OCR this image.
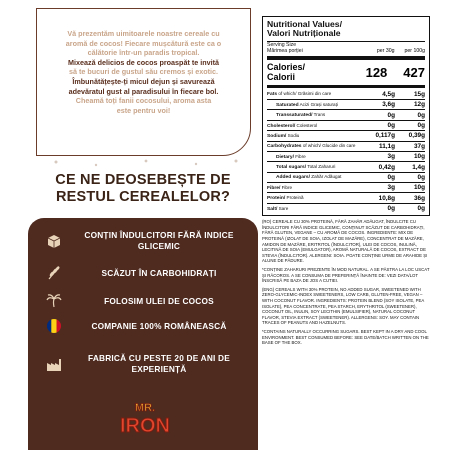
Vă prezentăm uimitoarele noastre cereale cu
aromă de cocos! Fiecare mușcătură este ca o
călătorie într-un paradis tropical.
Mixează delicios de cocos proaspăt te invită
să te bucuri de gustul său cremos și exotic.
Îmbunătățește-ți micul dejun și savurează
adevăratul gust al paradisului în fiecare bol.
Cheamă toți fanii cocosului, aroma asta
este pentru voi!
CE NE DEOSEBEȘTE DE RESTUL CEREALELOR?
CONȚIN ÎNDULCITORI FĂRĂ INDICE GLICEMIC
SCĂZUT ÎN CARBOHIDRAȚI
FOLOSIM ULEI DE COCOS
COMPANIE 100% ROMÂNEASCĂ
FABRICĂ CU PESTE 20 DE ANI DE EXPERIENȚĂ
MR.
IRON
Nutritional Values/
Valori Nutriționale
Serving Size
Mărimea porției	per 30g per 100g
Calories/
Calorii	128 427
Fats of which/ Grăsimi din care	4,5g	15g
Saturated Acizi Grași saturați	3,6g	12g
Transsaturated/ Trans	0g	0g
Cholesterol/ Colesterol	0g	0g
Sodium/ Sodiu	0,117g	0,39g
Carbohydrates of which/ Glucide din care	11,1g	37g
Dietary/ Fibre	3g	10g
Total sugars/ Total Zaharuri	0,42g	1,4g
Added sugars/ Zahăr Adăugat	0g	0g
Fibre/ Fibre	3g	10g
Protein/ Proteină	10,8g	36g
Salt/ Sare	0g	0g

(RO) CEREALE CU 30% PROTEINĂ, FĂRĂ ZAHĂR ADĂUGAT, ÎNDULCITE CU ÎNDULCITORI FĂRĂ INDICE GLICEMIC, CONȚINUT SCĂZUT DE CARBOHIDRAȚI, FĂRĂ GLUTEN, VEGANE – CU AROMĂ DE COCOS. INGREDIENTE: MIX DE PROTEINĂ (IZOLAT DE SOIA, IZOLAT DE MAZĂRE), CONCENTRAT DE MAZĂRE, AMIDON DE MAZĂRE, ERITRITOL (ÎNDULCITOR), ULEI DE COCOS, INULINĂ, LECITINĂ DE SOIA (EMULGATOR), AROMĂ NATURALĂ DE COCOS, EXTRACT DE STEVIA (ÎNDULCITOR). ALERGENI: SOIA. POATE CONȚINE URME DE ARAHIDE ȘI ALUNE DE PĂDURE.

*CONȚINE ZAHARURI PREZENTE ÎN MOD NATURAL. A SE PĂSTRA LA LOC USCAT ȘI RĂCOROS. A SE CONSUMA DE PREFERINȚĂ ÎNAINTE DE: VEZI DATA/LOT ÎNSCRISĂ PE BAZA DE JOS A CUTIEI.

(ENG) CEREALS WITH 30% PROTEIN, NO ADDED SUGAR, SWEETENED WITH ZERO-GLYCEMIC-INDEX SWEETENERS, LOW CARB, GLUTEN-FREE, VEGAN – WITH COCONUT FLAVOR. INGREDIENTS: PROTEIN BLEND (SOY ISOLATE, PEA ISOLATE), PEA CONCENTRATE, PEA STARCH, ERYTHRITOL (SWEETENER), COCONUT OIL, INULIN, SOY LECITHIN (EMULSIFIER), NATURAL COCONUT FLAVOR, STEVIA EXTRACT (SWEETENER). ALLERGENS: SOY. MAY CONTAIN TRACES OF PEANUTS AND HAZELNUTS.

*CONTAINS NATURALLY OCCURRING SUGARS. BEST KEPT IN A DRY AND COOL ENVIRONMENT. BEST CONSUMED BEFORE: SEE DATE/BATCH WRITTEN ON THE BASE OF THE BOX.
